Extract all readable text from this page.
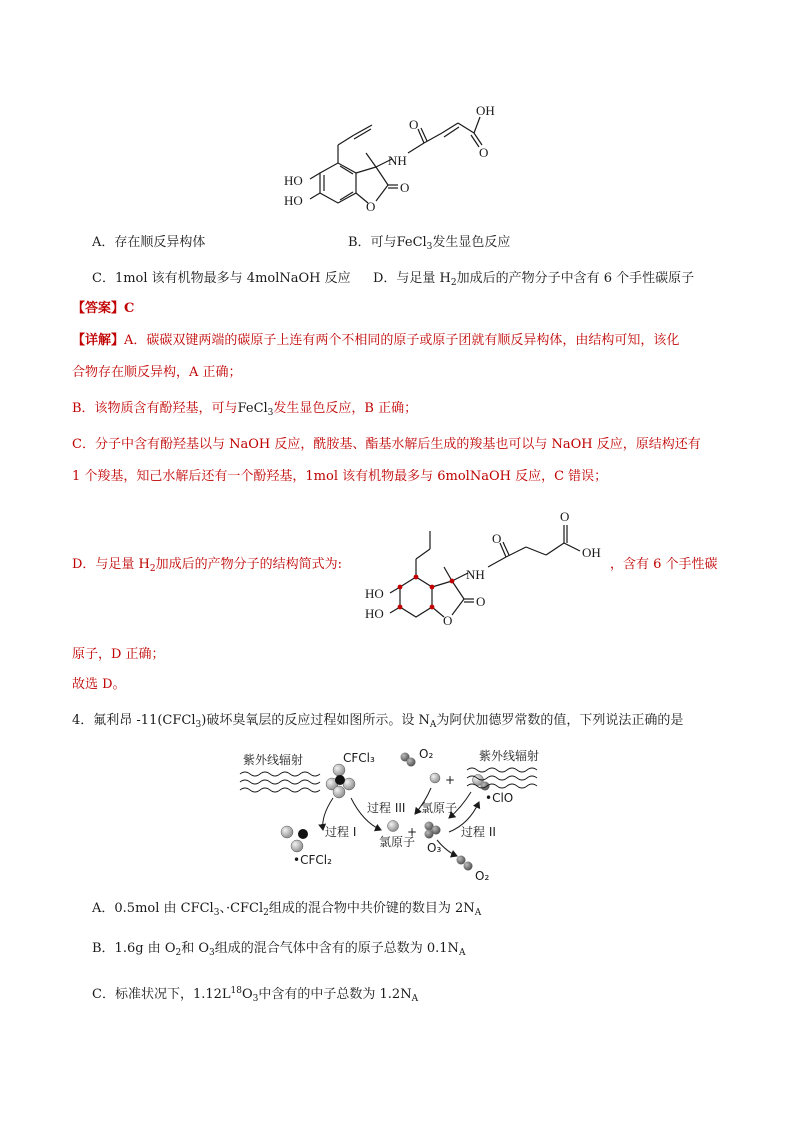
HO
HO	O
O
NH
O
OH
O
A．存在顺反异构体	B．可与FeCl$_3$发生显色反应
C．1mol 该有机物最多与 4molNaOH 反应 D．与足量 $H_2$加成后的产物分子中含有 6 个手性碳原子
【答案】C
【详解】A．碳碳双键两端的碳原子上连有两个不相同的原子或原子团就有顺反异构体，由结构可知，该化
合物存在顺反异构，A 正确；
B．该物质含有酚羟基，可与FeCl$_3$发生显色反应，B 正确；
C．分子中含有酚羟基以与 NaOH 反应，酰胺基、酯基水解后生成的羧基也可以与 NaOH 反应，原结构还有
1 个羧基，知己水解后还有一个酚羟基，1mol 该有机物最多与 6molNaOH 反应，C 错误；
D．与足量 $H_2$加成后的产物分子的结构简式为:	，含有 6 个手性碳
HO
HO	O
O
NH
O
O
OH
原子，D 正确；
故选 D。
4．氟利昂 -11(CFCl$_3$)破坏臭氧层的反应过程如图所示。设 $N_A$为阿伏加德罗常数的值，下列说法正确的是
紫外线辐射	CFCl₃	O₂
+
•ClO
紫外线辐射
过程 III 氯原子
过程 I	过程 II
•CFCl₂
+
氯原子 O₃
O₂
A．0.5mol 由 CFCl$_3$、·CFCl$_2$组成的混合物中共价键的数目为 $2N_A$
B．1.6g 由 $O_2$和 $O_3$组成的混合气体中含有的原子总数为 $0.1N_A$
C．标准状况下，$1.12L^{18}O_3$中含有的中子总数为 $1.2N_A$
